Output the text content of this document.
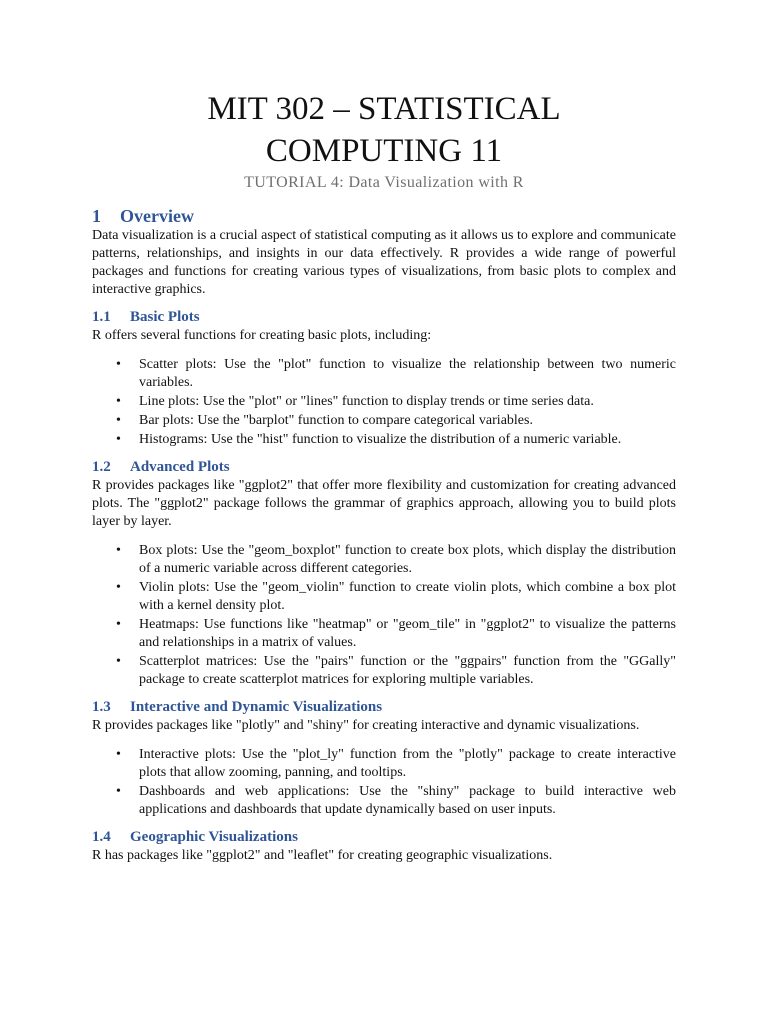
MIT 302 – STATISTICAL
COMPUTING 11
TUTORIAL 4: Data Visualization with R
1 Overview

Data visualization is a crucial aspect of statistical computing as it allows us to explore and communicate patterns, relationships, and insights in our data effectively. R provides a wide range of powerful packages and functions for creating various types of visualizations, from basic plots to complex and interactive graphics.

1.1 Basic Plots

R offers several functions for creating basic plots, including:

• Scatter plots: Use the "plot" function to visualize the relationship between two numeric variables.
• Line plots: Use the "plot" or "lines" function to display trends or time series data.
• Bar plots: Use the "barplot" function to compare categorical variables.
• Histograms: Use the "hist" function to visualize the distribution of a numeric variable.
1.2 Advanced Plots

R provides packages like "ggplot2" that offer more flexibility and customization for creating advanced plots. The "ggplot2" package follows the grammar of graphics approach, allowing you to build plots layer by layer.

• Box plots: Use the "geom_boxplot" function to create box plots, which display the distribution of a numeric variable across different categories.
• Violin plots: Use the "geom_violin" function to create violin plots, which combine a box plot with a kernel density plot.
• Heatmaps: Use functions like "heatmap" or "geom_tile" in "ggplot2" to visualize the patterns and relationships in a matrix of values.
• Scatterplot matrices: Use the "pairs" function or the "ggpairs" function from the "GGally" package to create scatterplot matrices for exploring multiple variables.
1.3 Interactive and Dynamic Visualizations

R provides packages like "plotly" and "shiny" for creating interactive and dynamic visualizations.

• Interactive plots: Use the "plot_ly" function from the "plotly" package to create interactive plots that allow zooming, panning, and tooltips.
• Dashboards and web applications: Use the "shiny" package to build interactive web applications and dashboards that update dynamically based on user inputs.
1.4 Geographic Visualizations

R has packages like "ggplot2" and "leaflet" for creating geographic visualizations.
